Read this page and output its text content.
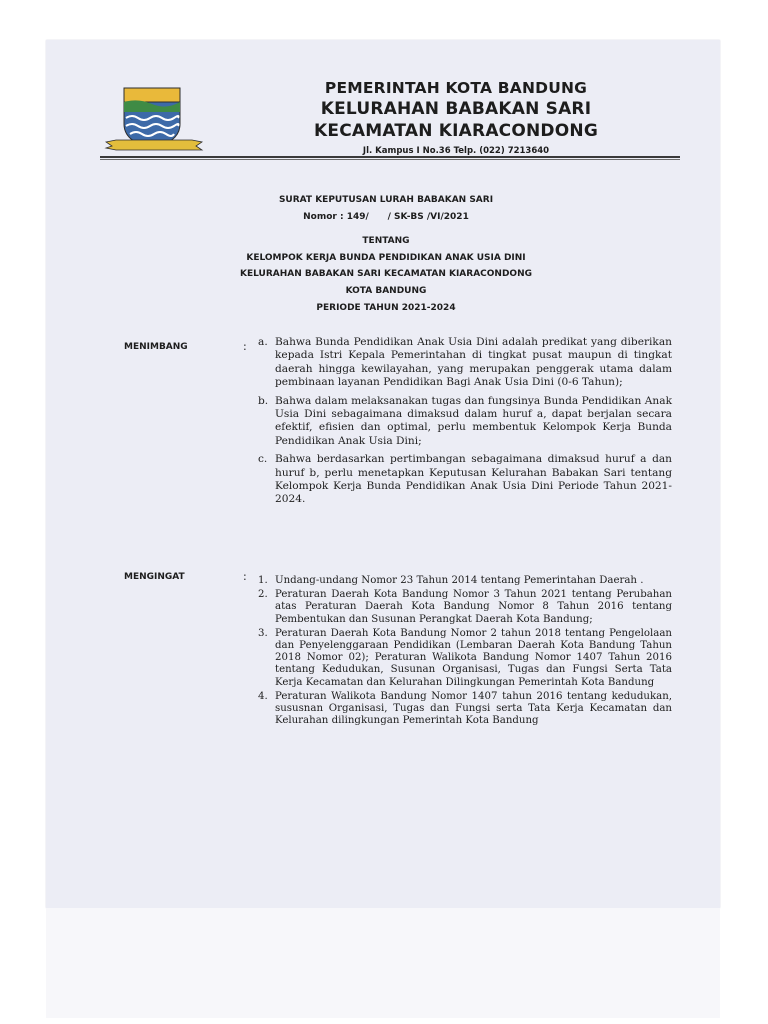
PEMERINTAH KOTA BANDUNG
KELURAHAN BABAKAN SARI
KECAMATAN KIARACONDONG
Jl. Kampus I No.36 Telp. (022) 7213640
SURAT KEPUTUSAN LURAH BABAKAN SARI
Nomor : 149/      / SK-BS /VI/2021
TENTANG
KELOMPOK KERJA BUNDA PENDIDIKAN ANAK USIA DINI
KELURAHAN BABAKAN SARI KECAMATAN KIARACONDONG
KOTA BANDUNG
PERIODE TAHUN 2021-2024
MENIMBANG	: a. Bahwa Bunda Pendidikan Anak Usia Dini adalah predikat yang diberikan kepada Istri Kepala Pemerintahan di tingkat pusat maupun di tingkat daerah hingga kewilayahan, yang merupakan penggerak utama dalam pembinaan layanan Pendidikan Bagi Anak Usia Dini (0-6 Tahun);
b. Bahwa dalam melaksanakan tugas dan fungsinya Bunda Pendidikan Anak Usia Dini sebagaimana dimaksud dalam huruf a, dapat berjalan secara efektif, efisien dan optimal, perlu membentuk Kelompok Kerja Bunda Pendidikan Anak Usia Dini;
c. Bahwa berdasarkan pertimbangan sebagaimana dimaksud huruf a dan huruf b, perlu menetapkan Keputusan Kelurahan Babakan Sari tentang Kelompok Kerja Bunda Pendidikan Anak Usia Dini Periode Tahun 2021-2024.
MENGINGAT	: 1. Undang-undang Nomor 23 Tahun 2014 tentang Pemerintahan Daerah .
2. Peraturan Daerah Kota Bandung Nomor 3 Tahun 2021 tentang Perubahan atas Peraturan Daerah Kota Bandung Nomor 8 Tahun 2016 tentang Pembentukan dan Susunan Perangkat Daerah Kota Bandung;
3. Peraturan Daerah Kota Bandung Nomor 2 tahun 2018 tentang Pengelolaan dan Penyelenggaraan Pendidikan (Lembaran Daerah Kota Bandung Tahun 2018 Nomor 02); Peraturan Walikota Bandung Nomor 1407 Tahun 2016 tentang Kedudukan, Susunan Organisasi, Tugas dan Fungsi Serta Tata Kerja Kecamatan dan Kelurahan Dilingkungan Pemerintah Kota Bandung
4. Peraturan Walikota Bandung Nomor 1407 tahun 2016 tentang kedudukan, sususnan Organisasi, Tugas dan Fungsi serta Tata Kerja Kecamatan dan Kelurahan dilingkungan Pemerintah Kota Bandung
